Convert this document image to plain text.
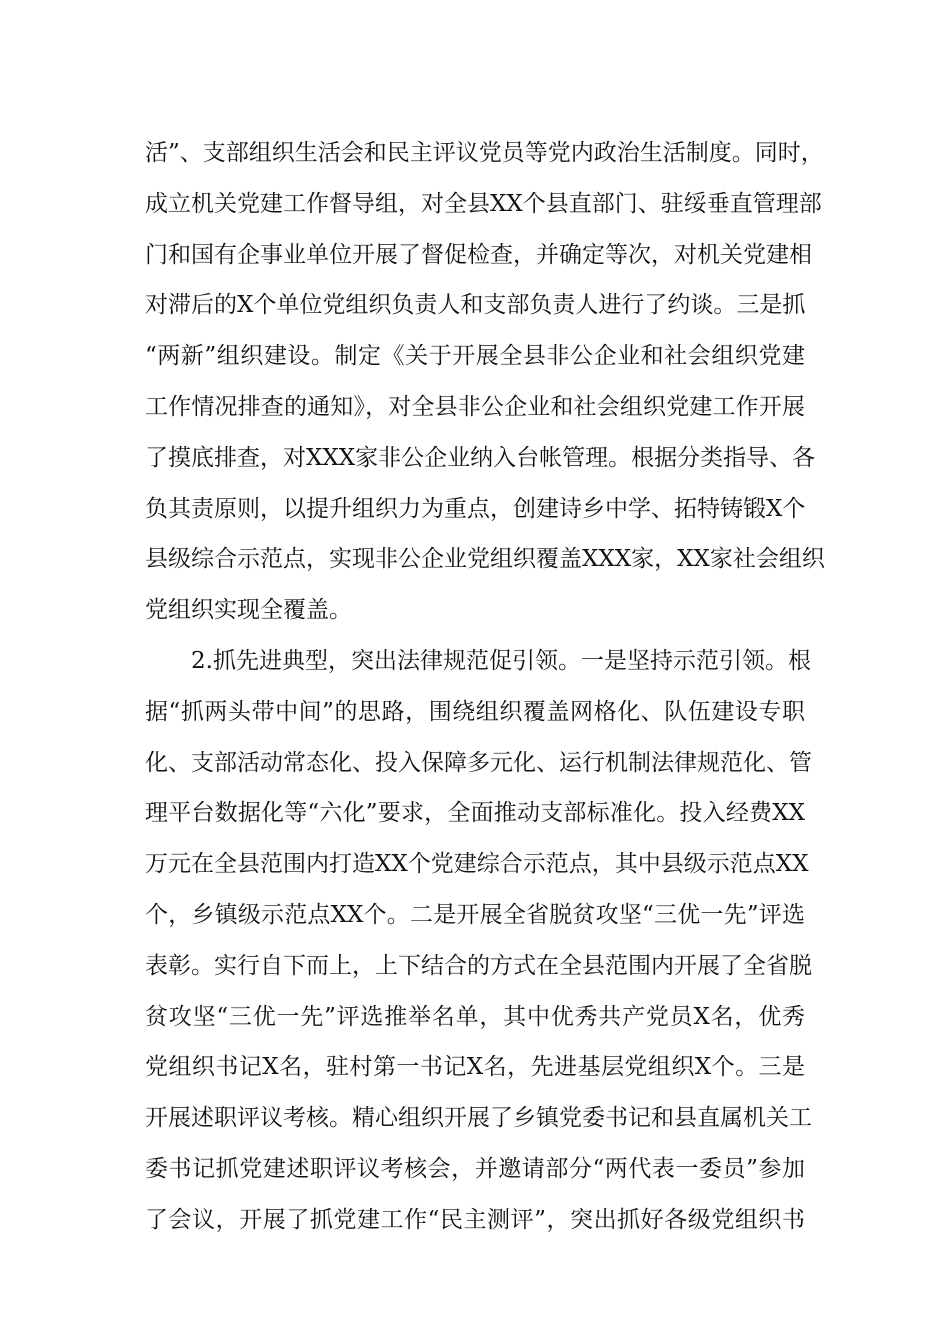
活”、支部组织生活会和民主评议党员等党内政治生活制度。同时，
成立机关党建工作督导组，对全县XX个县直部门、驻绥垂直管理部
门和国有企事业单位开展了督促检查，并确定等次，对机关党建相
对滞后的X个单位党组织负责人和支部负责人进行了约谈。三是抓
“两新”组织建设。制定《关于开展全县非公企业和社会组织党建
工作情况排查的通知》，对全县非公企业和社会组织党建工作开展
了摸底排查，对XXX家非公企业纳入台帐管理。根据分类指导、各
负其责原则，以提升组织力为重点，创建诗乡中学、拓特铸锻X个
县级综合示范点，实现非公企业党组织覆盖XXX家，XX家社会组织
党组织实现全覆盖。
2.抓先进典型，突出法律规范促引领。一是坚持示范引领。根
据“抓两头带中间”的思路，围绕组织覆盖网格化、队伍建设专职
化、支部活动常态化、投入保障多元化、运行机制法律规范化、管
理平台数据化等“六化”要求，全面推动支部标准化。投入经费XX
万元在全县范围内打造XX个党建综合示范点，其中县级示范点XX
个，乡镇级示范点XX个。二是开展全省脱贫攻坚“三优一先”评选
表彰。实行自下而上，上下结合的方式在全县范围内开展了全省脱
贫攻坚“三优一先”评选推举名单，其中优秀共产党员X名，优秀
党组织书记X名，驻村第一书记X名，先进基层党组织X个。三是
开展述职评议考核。精心组织开展了乡镇党委书记和县直属机关工
委书记抓党建述职评议考核会，并邀请部分“两代表一委员”参加
了会议，开展了抓党建工作“民主测评”，突出抓好各级党组织书
